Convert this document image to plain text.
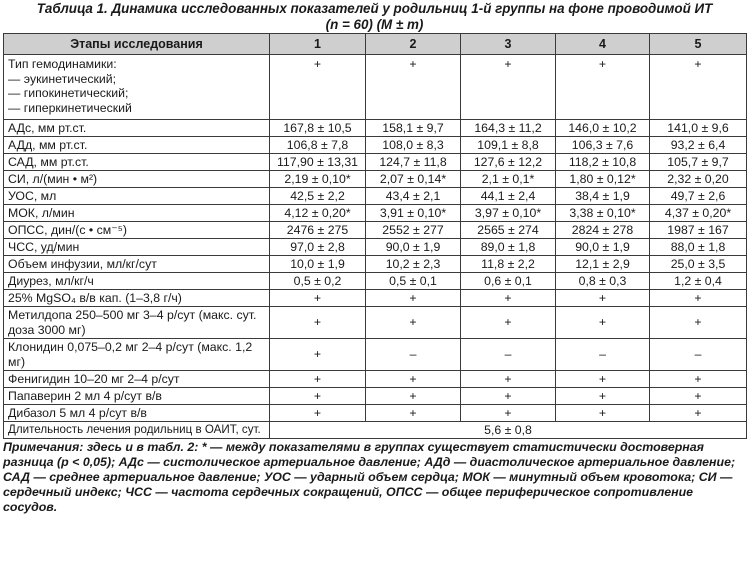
Таблица 1. Динамика исследованных показателей у родильниц 1-й группы на фоне проводимой ИТ
(n = 60) (M ± m)
Этапы исследования	1	2	3	4	5

Тип гемодинамики:
— эукинетический;
— гипокинетический;
— гиперкинетический	+	+	+	+	+
АДс, мм рт.ст.	167,8 ± 10,5	158,1 ± 9,7	164,3 ± 11,2	146,0 ± 10,2	141,0 ± 9,6
АДд, мм рт.ст.	106,8 ± 7,8	108,0 ± 8,3	109,1 ± 8,8	106,3 ± 7,6	93,2 ± 6,4
САД, мм рт.ст.	117,90 ± 13,31	124,7 ± 11,8	127,6 ± 12,2	118,2 ± 10,8	105,7 ± 9,7
СИ, л/(мин • м²)	2,19 ± 0,10*	2,07 ± 0,14*	2,1 ± 0,1*	1,80 ± 0,12*	2,32 ± 0,20
УОС, мл	42,5 ± 2,2	43,4 ± 2,1	44,1 ± 2,4	38,4 ± 1,9	49,7 ± 2,6
МОК, л/мин	4,12 ± 0,20*	3,91 ± 0,10*	3,97 ± 0,10*	3,38 ± 0,10*	4,37 ± 0,20*
ОПСС, дин/(с • см⁻⁵)	2476 ± 275	2552 ± 277	2565 ± 274	2824 ± 278	1987 ± 167
ЧСС, уд/мин	97,0 ± 2,8	90,0 ± 1,9	89,0 ± 1,8	90,0 ± 1,9	88,0 ± 1,8
Объем инфузии, мл/кг/сут	10,0 ± 1,9	10,2 ± 2,3	11,8 ± 2,2	12,1 ± 2,9	25,0 ± 3,5
Диурез, мл/кг/ч	0,5 ± 0,2	0,5 ± 0,1	0,6 ± 0,1	0,8 ± 0,3	1,2 ± 0,4
25% MgSO₄ в/в кап. (1–3,8 г/ч)	+	+	+	+	+
Метилдопа 250–500 мг 3–4 р/сут (макс. сут. доза 3000 мг)	+	+	+	+	+
Клонидин 0,075–0,2 мг 2–4 р/сут (макс. 1,2 мг)	+	–	–	–	–
Фенигидин 10–20 мг 2–4 р/сут	+	+	+	+	+
Папаверин 2 мл 4 р/сут в/в	+	+	+	+	+
Дибазол 5 мл 4 р/сут в/в	+	+	+	+	+
Длительность лечения родильниц в ОАИТ, сут.	5,6 ± 0,8				
Примечания: здесь и в табл. 2: * — между показателями в группах существует статистически достоверная разница (p < 0,05); АДс — систолическое артериальное давление; АДд — диастолическое артериальное давление; САД — среднее артериальное давление; УОС — ударный объем сердца; МОК — минутный объем кровотока; СИ — сердечный индекс; ЧСС — частота сердечных сокращений, ОПСС — общее периферическое сопротивление сосудов.
